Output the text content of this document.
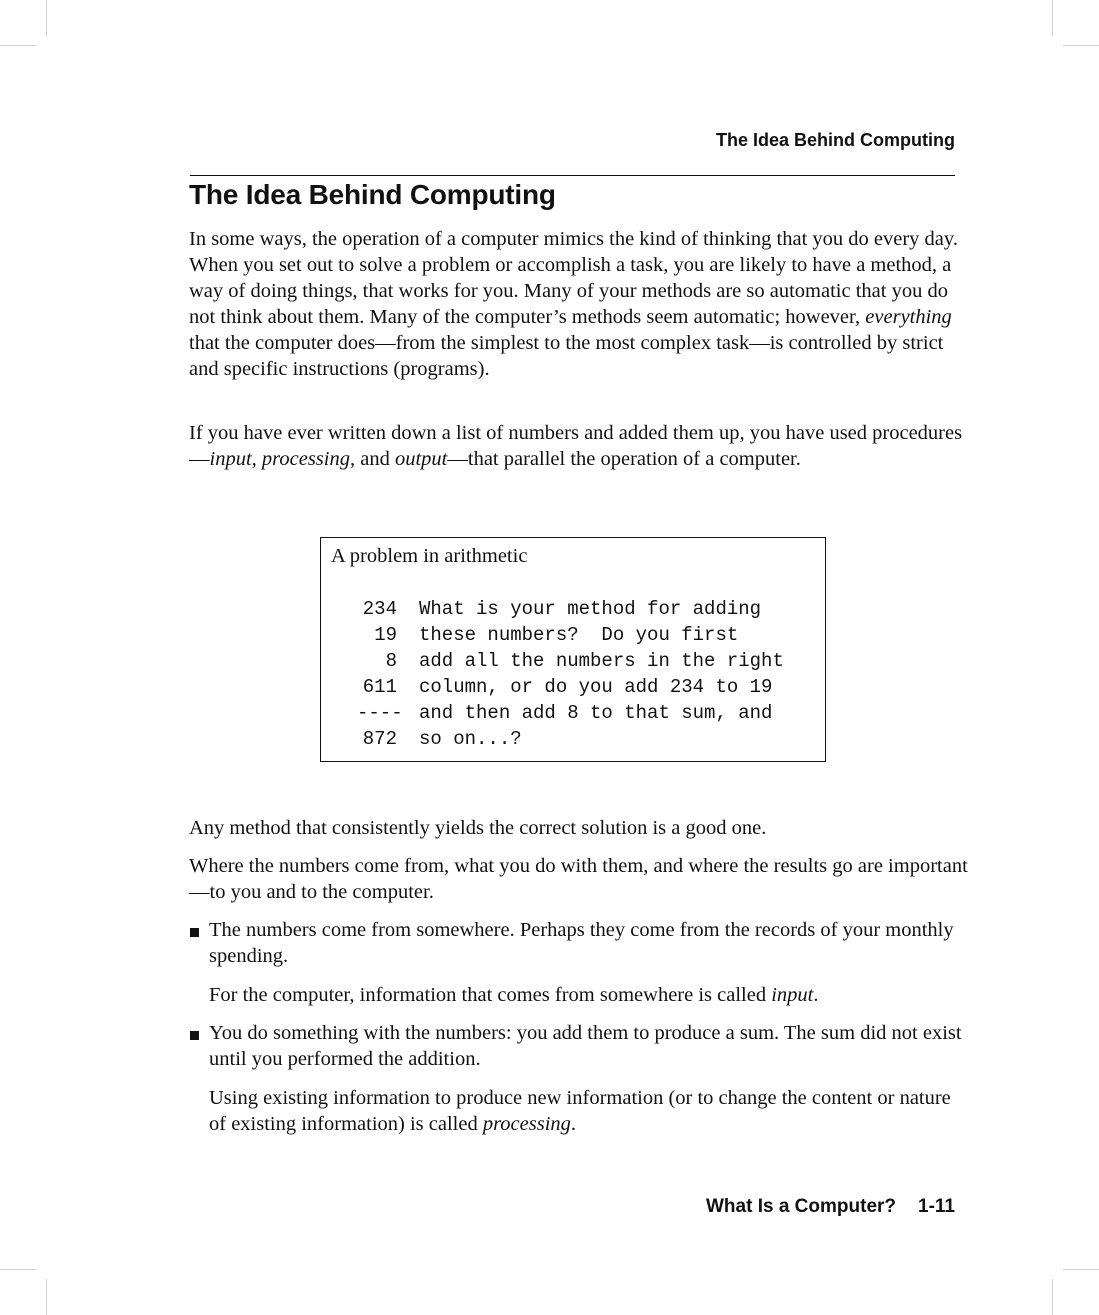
The Idea Behind Computing
The Idea Behind Computing

In some ways, the operation of a computer mimics the kind of thinking that you do every day. When you set out to solve a problem or accomplish a task, you are likely to have a method, a way of doing things, that works for you. Many of your methods are so automatic that you do not think about them. Many of the computer’s methods seem automatic; however, everything that the computer does—from the simplest to the most complex task—is controlled by strict and specific instructions (programs).

If you have ever written down a list of numbers and added them up, you have used procedures—input, processing, and output—that parallel the operation of a computer.

A problem in arithmetic
234 What is your method for adding
19 these numbers?  Do you first
8 add all the numbers in the right
611 column, or do you add 234 to 19
---- and then add 8 to that sum, and
872 so on...?

Any method that consistently yields the correct solution is a good one.

Where the numbers come from, what you do with them, and where the results go are important—to you and to the computer.

The numbers come from somewhere. Perhaps they come from the records of your monthly spending.

For the computer, information that comes from somewhere is called input.

You do something with the numbers: you add them to produce a sum. The sum did not exist until you performed the addition.

Using existing information to produce new information (or to change the content or nature of existing information) is called processing.

What Is a Computer? 1-11
